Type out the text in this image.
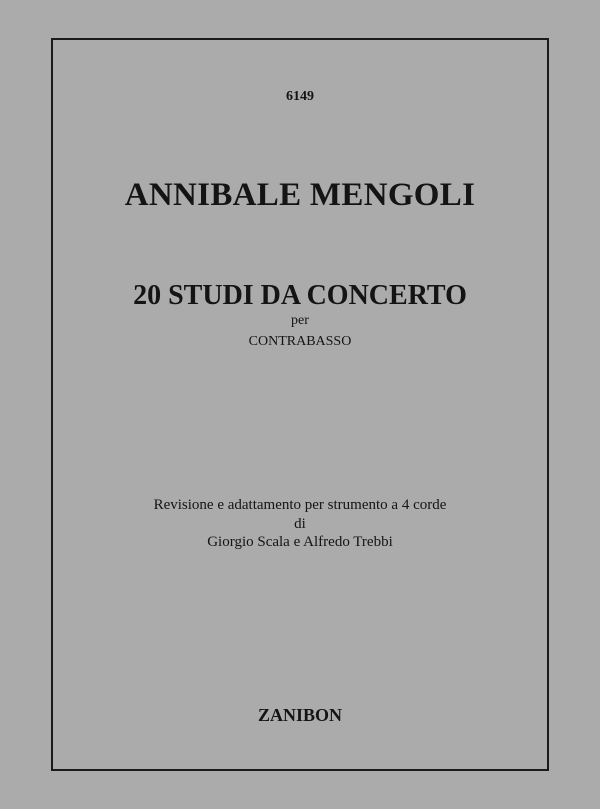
6149
ANNIBALE MENGOLI
20 STUDI DA CONCERTO
per
CONTRABASSO
Revisione e adattamento per strumento a 4 corde
di
Giorgio Scala e Alfredo Trebbi
ZANIBON
